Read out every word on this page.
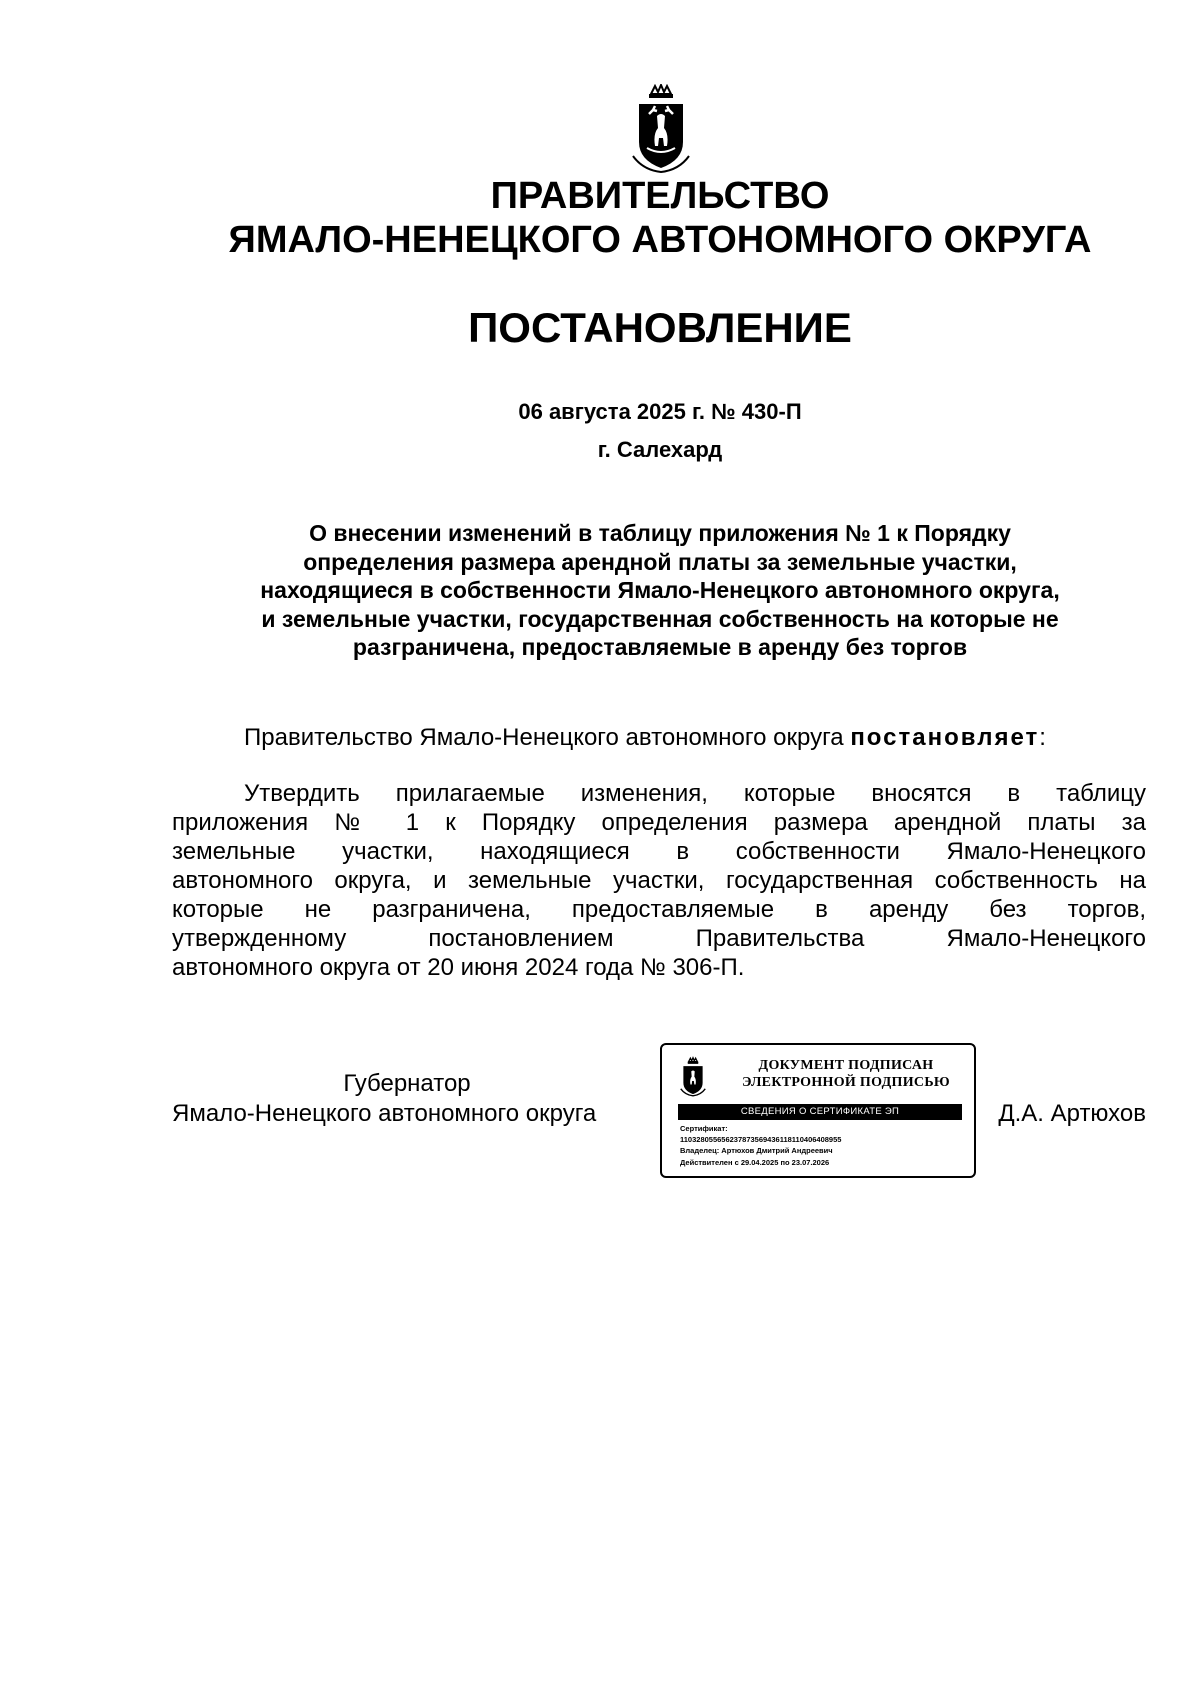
ПРАВИТЕЛЬСТВО
ЯМАЛО-НЕНЕЦКОГО АВТОНОМНОГО ОКРУГА
ПОСТАНОВЛЕНИЕ
06 августа 2025 г. № 430-П
г. Салехард
О внесении изменений в таблицу приложения № 1 к Порядку
определения размера арендной платы за земельные участки,
находящиеся в собственности Ямало-Ненецкого автономного округа,
и земельные участки, государственная собственность на которые не
разграничена, предоставляемые в аренду без торгов
Правительство Ямало-Ненецкого автономного округа постановляет:
Утвердить прилагаемые изменения, которые вносятся в таблицу
приложения № 1 к Порядку определения размера арендной платы за
земельные участки, находящиеся в собственности Ямало-Ненецкого
автономного округа, и земельные участки, государственная собственность на
которые не разграничена, предоставляемые в аренду без торгов,
утвержденному постановлением Правительства Ямало-Ненецкого
автономного округа от 20 июня 2024 года № 306-П.
Губернатор
Ямало-Ненецкого автономного округа	Д.А. Артюхов
ДОКУМЕНТ ПОДПИСАН
ЭЛЕКТРОННОЙ ПОДПИСЬЮ
СВЕДЕНИЯ О СЕРТИФИКАТЕ ЭП
Сертификат:
110328055656237873569436118110406408955
Владелец: Артюхов Дмитрий Андреевич
Действителен с 29.04.2025 по 23.07.2026
